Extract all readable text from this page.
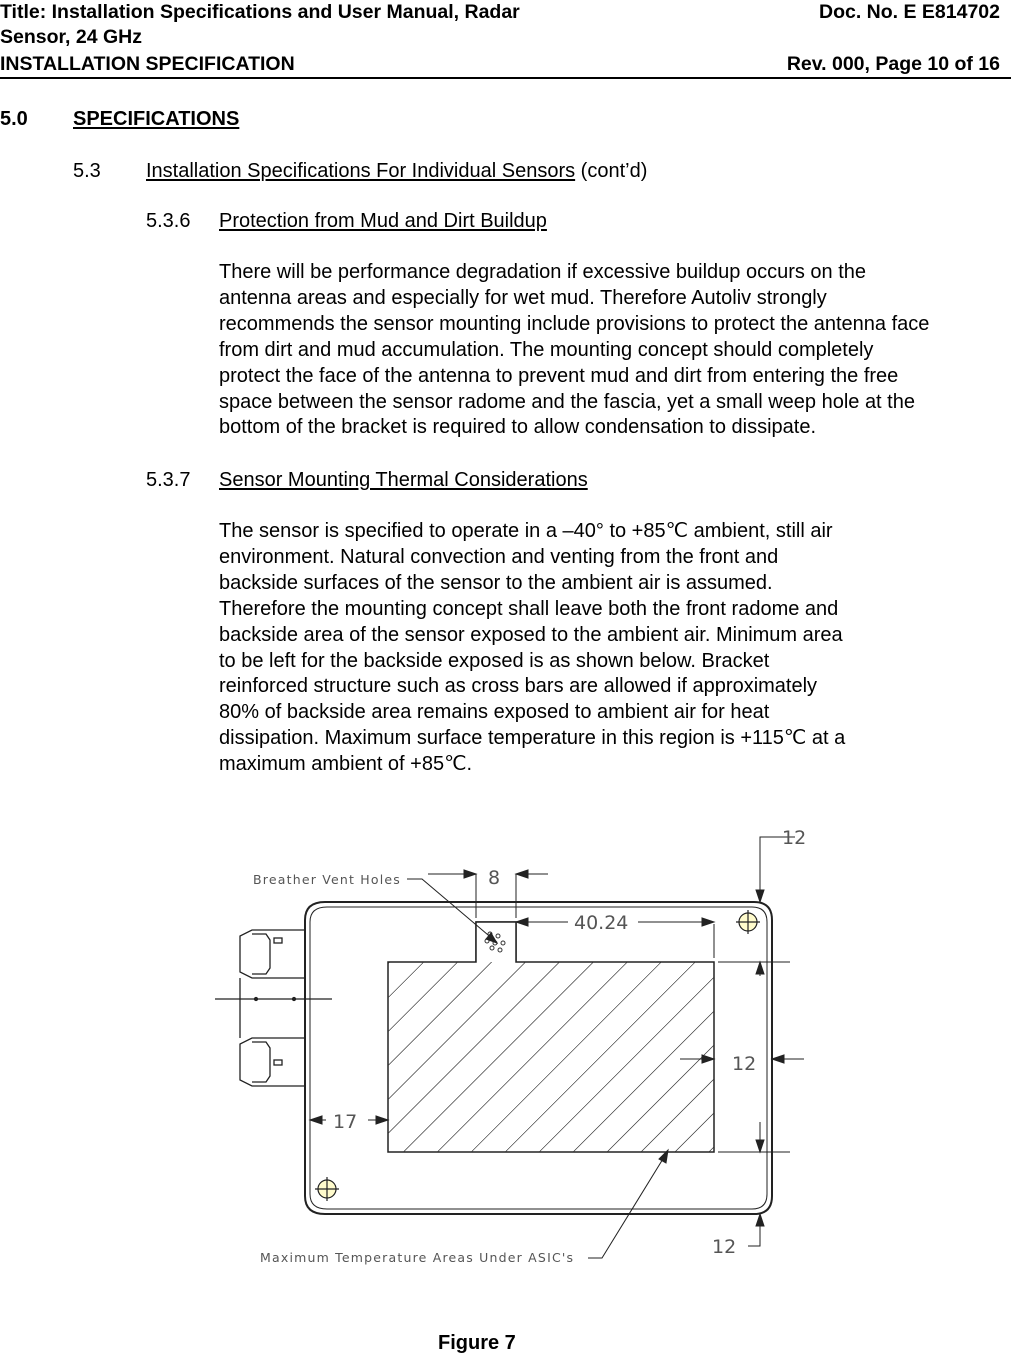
Title: Installation Specifications and User Manual, Radar
Sensor, 24 GHz
Doc. No. E E814702
INSTALLATION SPECIFICATION	Rev. 000, Page 10 of 16
5.0 SPECIFICATIONS
5.3 Installation Specifications For Individual Sensors (cont’d)
5.3.6 Protection from Mud and Dirt Buildup
There will be performance degradation if excessive buildup occurs on the
antenna areas and especially for wet mud. Therefore Autoliv strongly
recommends the sensor mounting include provisions to protect the antenna face
from dirt and mud accumulation. The mounting concept should completely
protect the face of the antenna to prevent mud and dirt from entering the free
space between the sensor radome and the fascia, yet a small weep hole at the
bottom of the bracket is required to allow condensation to dissipate.
5.3.7 Sensor Mounting Thermal Considerations
The sensor is specified to operate in a –40° to +85℃ ambient, still air
environment. Natural convection and venting from the front and
backside surfaces of the sensor to the ambient air is assumed.
Therefore the mounting concept shall leave both the front radome and
backside area of the sensor exposed to the ambient air. Minimum area
to be left for the backside exposed is as shown below. Bracket
reinforced structure such as cross bars are allowed if approximately
80% of backside area remains exposed to ambient air for heat
dissipation. Maximum surface temperature in this region is +115℃ at a
maximum ambient of +85℃.
12
8
40.24
12
17
12
Breather Vent Holes
Maximum Temperature Areas Under ASIC's
Figure 7
